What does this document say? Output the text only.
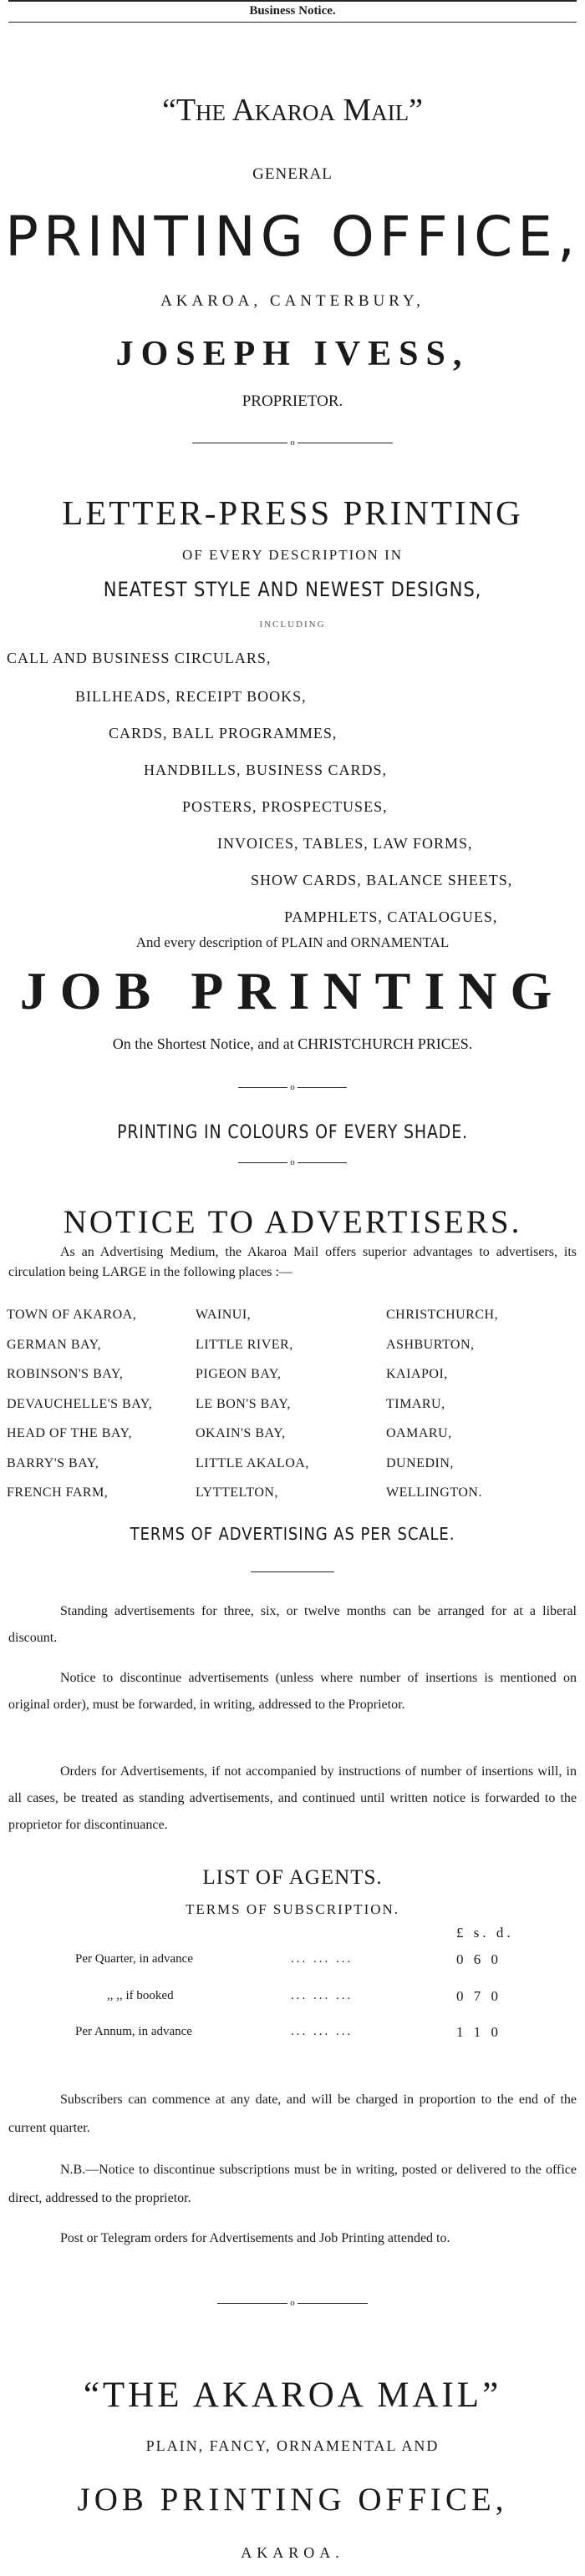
Business Notice.
“The Akaroa Mail”
GENERAL
PRINTING OFFICE,
AKAROA, CANTERBURY,
JOSEPH IVESS,
PROPRIETOR.
o
LETTER-PRESS PRINTING
OF EVERY DESCRIPTION IN
NEATEST STYLE AND NEWEST DESIGNS,
INCLUDING
CALL AND BUSINESS CIRCULARS,
BILLHEADS, RECEIPT BOOKS,
CARDS, BALL PROGRAMMES,
HANDBILLS, BUSINESS CARDS,
POSTERS, PROSPECTUSES,
INVOICES, TABLES, LAW FORMS,
SHOW CARDS, BALANCE SHEETS,
PAMPHLETS, CATALOGUES,
And every description of PLAIN and ORNAMENTAL
JOB PRINTING
On the Shortest Notice, and at CHRISTCHURCH PRICES.
o
PRINTING IN COLOURS OF EVERY SHADE.
o
NOTICE TO ADVERTISERS.
As an Advertising Medium, the Akaroa Mail offers superior advantages to advertisers, its circulation being LARGE in the following places :—
TOWN OF AKAROA,	WAINUI,	CHRISTCHURCH,
GERMAN BAY,	LITTLE RIVER,	ASHBURTON,
ROBINSON'S BAY,	PIGEON BAY,	KAIAPOI,
DEVAUCHELLE'S BAY,	LE BON'S BAY,	TIMARU,
HEAD OF THE BAY,	OKAIN'S BAY,	OAMARU,
BARRY'S BAY,	LITTLE AKALOA,	DUNEDIN,
FRENCH FARM,	LYTTELTON,	WELLINGTON.
TERMS OF ADVERTISING AS PER SCALE.
Standing advertisements for three, six, or twelve months can be arranged for at a liberal discount.
Notice to discontinue advertisements (unless where number of insertions is mentioned on original order), must be forwarded, in writing, addressed to the Proprietor.
Orders for Advertisements, if not accompanied by instructions of number of insertions will, in all cases, be treated as standing advertisements, and continued until written notice is forwarded to the proprietor for discontinuance.
LIST OF AGENTS.
TERMS OF SUBSCRIPTION.
£ s. d.
Per Quarter, in advance	... ... ...	0 6 0
,, ,, if booked	... ... ...	0 7 0
Per Annum, in advance	... ... ...	1 1 0
Subscribers can commence at any date, and will be charged in proportion to the end of the current quarter.
N.B.—Notice to discontinue subscriptions must be in writing, posted or delivered to the office direct, addressed to the proprietor.
Post or Telegram orders for Advertisements and Job Printing attended to.
o
“THE AKAROA MAIL”
PLAIN, FANCY, ORNAMENTAL AND
JOB PRINTING OFFICE,
AKAROA.
